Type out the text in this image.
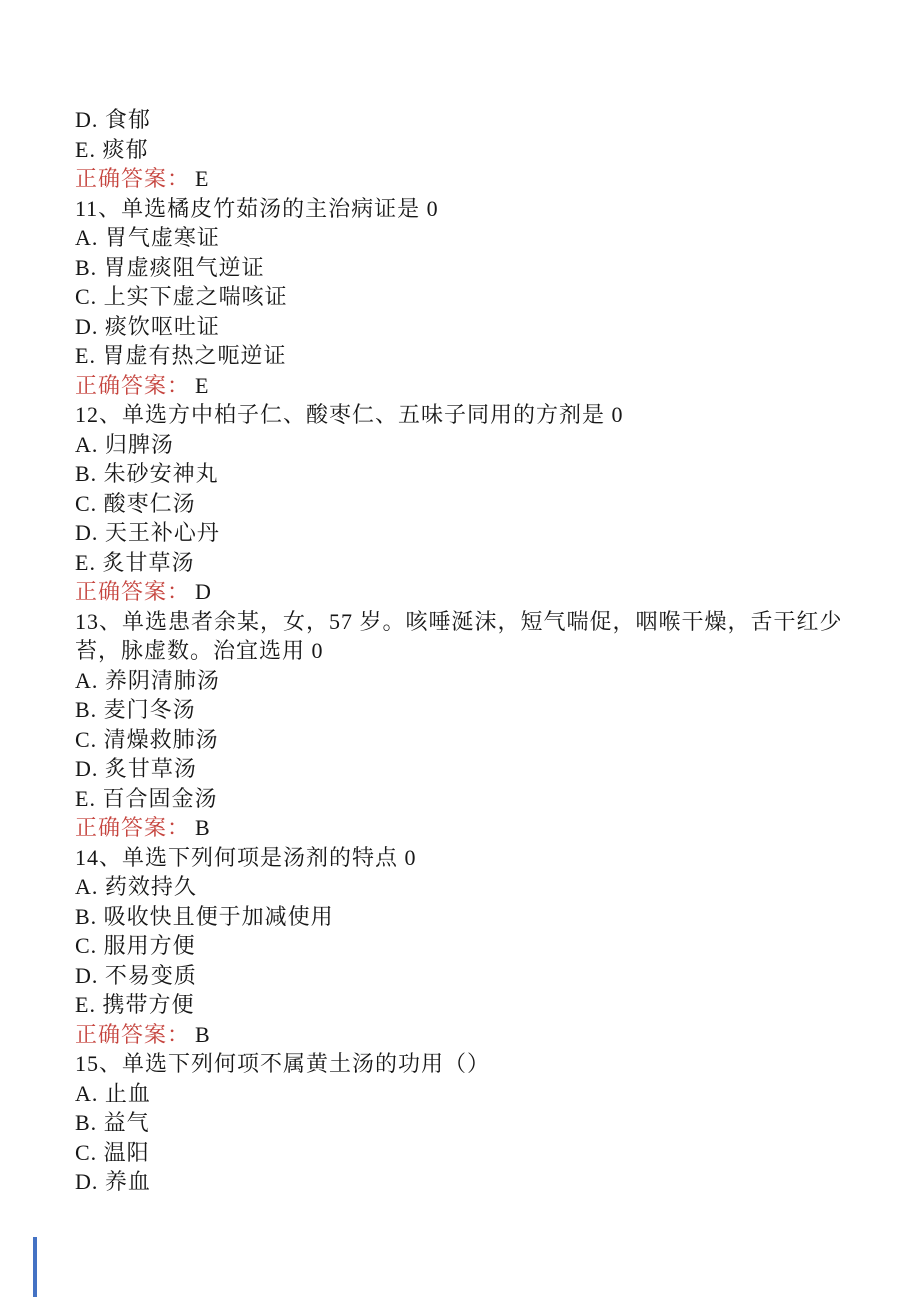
D. 食郁
E. 痰郁
正确答案： E
11、单选橘皮竹茹汤的主治病证是 0
A. 胃气虚寒证
B. 胃虚痰阻气逆证
C. 上实下虚之喘咳证
D. 痰饮呕吐证
E. 胃虚有热之呃逆证
正确答案： E
12、单选方中柏子仁、酸枣仁、五味子同用的方剂是 0
A. 归脾汤
B. 朱砂安神丸
C. 酸枣仁汤
D. 天王补心丹
E. 炙甘草汤
正确答案： D
13、单选患者余某，女，57 岁。咳唾涎沫，短气喘促，咽喉干燥，舌干红少
苔，脉虚数。治宜选用 0
A. 养阴清肺汤
B. 麦门冬汤
C. 清燥救肺汤
D. 炙甘草汤
E. 百合固金汤
正确答案： B
14、单选下列何项是汤剂的特点 0
A. 药效持久
B. 吸收快且便于加减使用
C. 服用方便
D. 不易变质
E. 携带方便
正确答案： B
15、单选下列何项不属黄土汤的功用（）
A. 止血
B. 益气
C. 温阳
D. 养血
